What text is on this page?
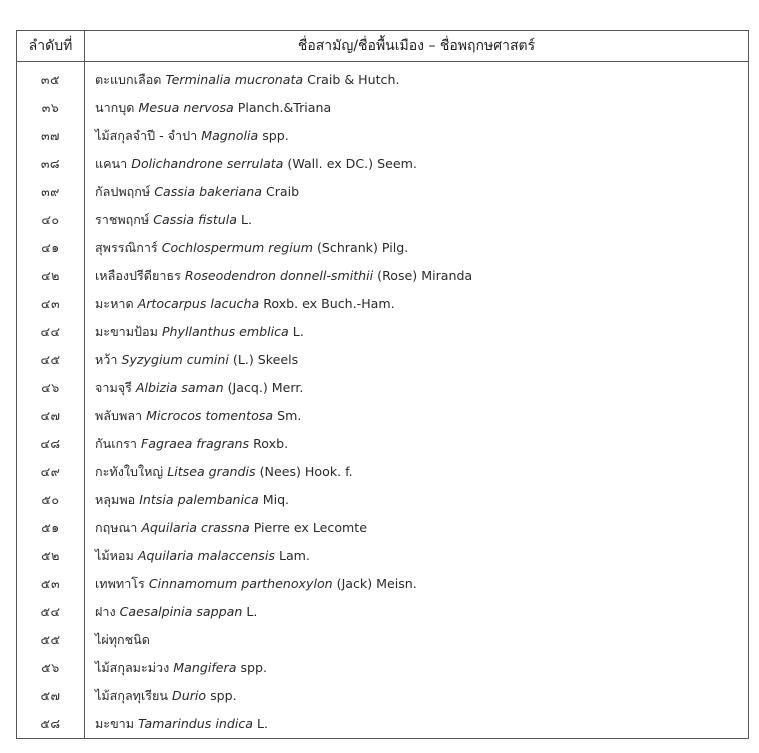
ลำดับที่	ชื่อสามัญ/ชื่อพื้นเมือง – ชื่อพฤกษศาสตร์
๓๕	ตะแบกเลือด Terminalia mucronata Craib & Hutch.
๓๖	นากบุด Mesua nervosa Planch.&Triana
๓๗	ไม้สกุลจำปี - จำปา Magnolia spp.
๓๘	แคนา Dolichandrone serrulata (Wall. ex DC.) Seem.
๓๙	กัลปพฤกษ์ Cassia bakeriana Craib
๔๐	ราชพฤกษ์ Cassia fistula L.
๔๑	สุพรรณิการ์ Cochlospermum regium (Schrank) Pilg.
๔๒	เหลืองปรีดียาธร Roseodendron donnell-smithii (Rose) Miranda
๔๓	มะหาด Artocarpus lacucha Roxb. ex Buch.-Ham.
๔๔	มะขามป้อม Phyllanthus emblica L.
๔๕	หว้า Syzygium cumini (L.) Skeels
๔๖	จามจุรี Albizia saman (Jacq.) Merr.
๔๗	พลับพลา Microcos tomentosa Sm.
๔๘	กันเกรา Fagraea fragrans Roxb.
๔๙	กะทังใบใหญ่ Litsea grandis (Nees) Hook. f.
๕๐	หลุมพอ Intsia palembanica Miq.
๕๑	กฤษณา Aquilaria crassna Pierre ex Lecomte
๕๒	ไม้หอม Aquilaria malaccensis Lam.
๕๓	เทพทาโร Cinnamomum parthenoxylon (Jack) Meisn.
๕๔	ฝาง Caesalpinia sappan L.
๕๕	ไผ่ทุกชนิด
๕๖	ไม้สกุลมะม่วง Mangifera spp.
๕๗	ไม้สกุลทุเรียน Durio spp.
๕๘	มะขาม Tamarindus indica L.
